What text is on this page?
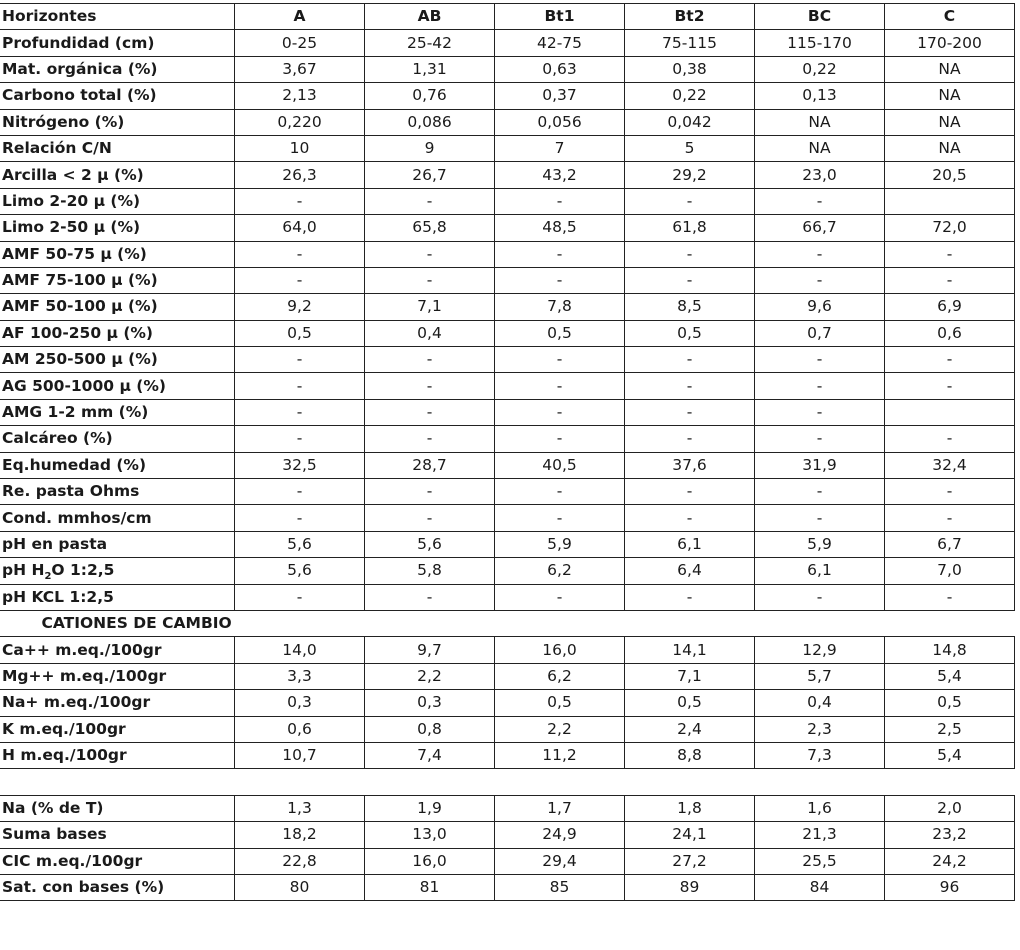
Horizontes	A	AB	Bt1	Bt2	BC	C
Profundidad (cm)	0-25	25-42	42-75	75-115	115-170	170-200
Mat. orgánica (%)	3,67	1,31	0,63	0,38	0,22	NA
Carbono total (%)	2,13	0,76	0,37	0,22	0,13	NA
Nitrógeno (%)	0,220	0,086	0,056	0,042	NA	NA
Relación C/N	10	9	7	5	NA	NA
Arcilla < 2 µ (%)	26,3	26,7	43,2	29,2	23,0	20,5
Limo 2-20 µ (%)	-	-	-	-	-	
Limo 2-50 µ (%)	64,0	65,8	48,5	61,8	66,7	72,0
AMF 50-75 µ (%)	-	-	-	-	-	-
AMF 75-100 µ (%)	-	-	-	-	-	-
AMF 50-100 µ (%)	9,2	7,1	7,8	8,5	9,6	6,9
AF 100-250 µ (%)	0,5	0,4	0,5	0,5	0,7	0,6
AM 250-500 µ (%)	-	-	-	-	-	-
AG 500-1000 µ (%)	-	-	-	-	-	-
AMG 1-2 mm (%)	-	-	-	-	-	
Calcáreo (%)	-	-	-	-	-	-
Eq.humedad (%)	32,5	28,7	40,5	37,6	31,9	32,4
Re. pasta Ohms	-	-	-	-	-	-
Cond. mmhos/cm	-	-	-	-	-	-
pH en pasta	5,6	5,6	5,9	6,1	5,9	6,7
pH $H_2O$ 1:2,5	5,6	5,8	6,2	6,4	6,1	7,0
pH KCL 1:2,5	-	-	-	-	-	-
CATIONES DE CAMBIO						
Ca++ m.eq./100gr	14,0	9,7	16,0	14,1	12,9	14,8
Mg++ m.eq./100gr	3,3	2,2	6,2	7,1	5,7	5,4
Na+ m.eq./100gr	0,3	0,3	0,5	0,5	0,4	0,5
K m.eq./100gr	0,6	0,8	2,2	2,4	2,3	2,5
H m.eq./100gr	10,7	7,4	11,2	8,8	7,3	5,4

Na (% de T)	1,3	1,9	1,7	1,8	1,6	2,0
Suma bases	18,2	13,0	24,9	24,1	21,3	23,2
CIC m.eq./100gr	22,8	16,0	29,4	27,2	25,5	24,2
Sat. con bases (%)	80	81	85	89	84	96
